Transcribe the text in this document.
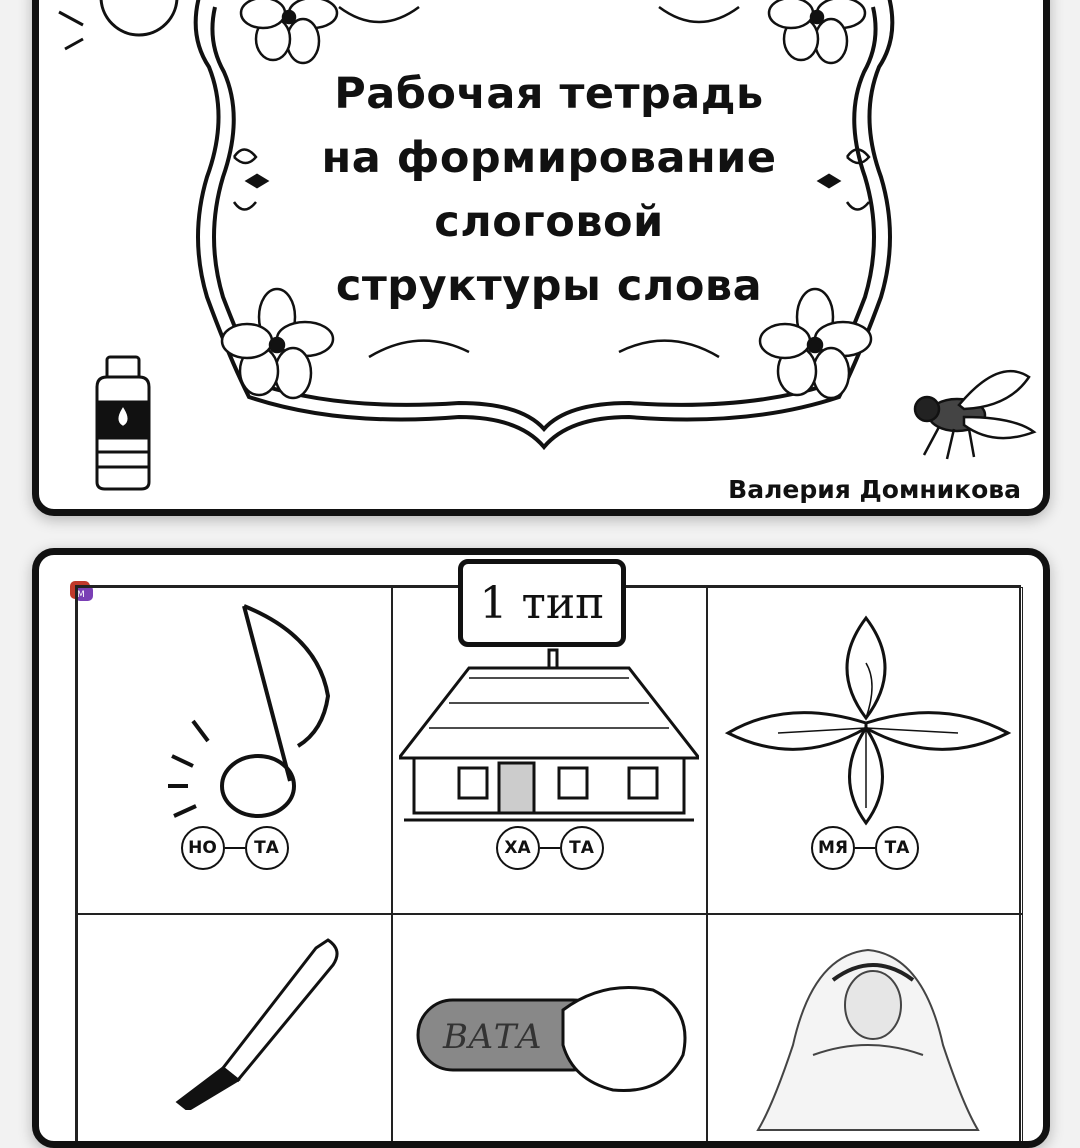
Рабочая тетрадь
на формирование
слоговой
структуры слова
Валерия Домникова
M	1 тип
НО	ТА	ХА	ТА	МЯ	ТА
ВАТА
